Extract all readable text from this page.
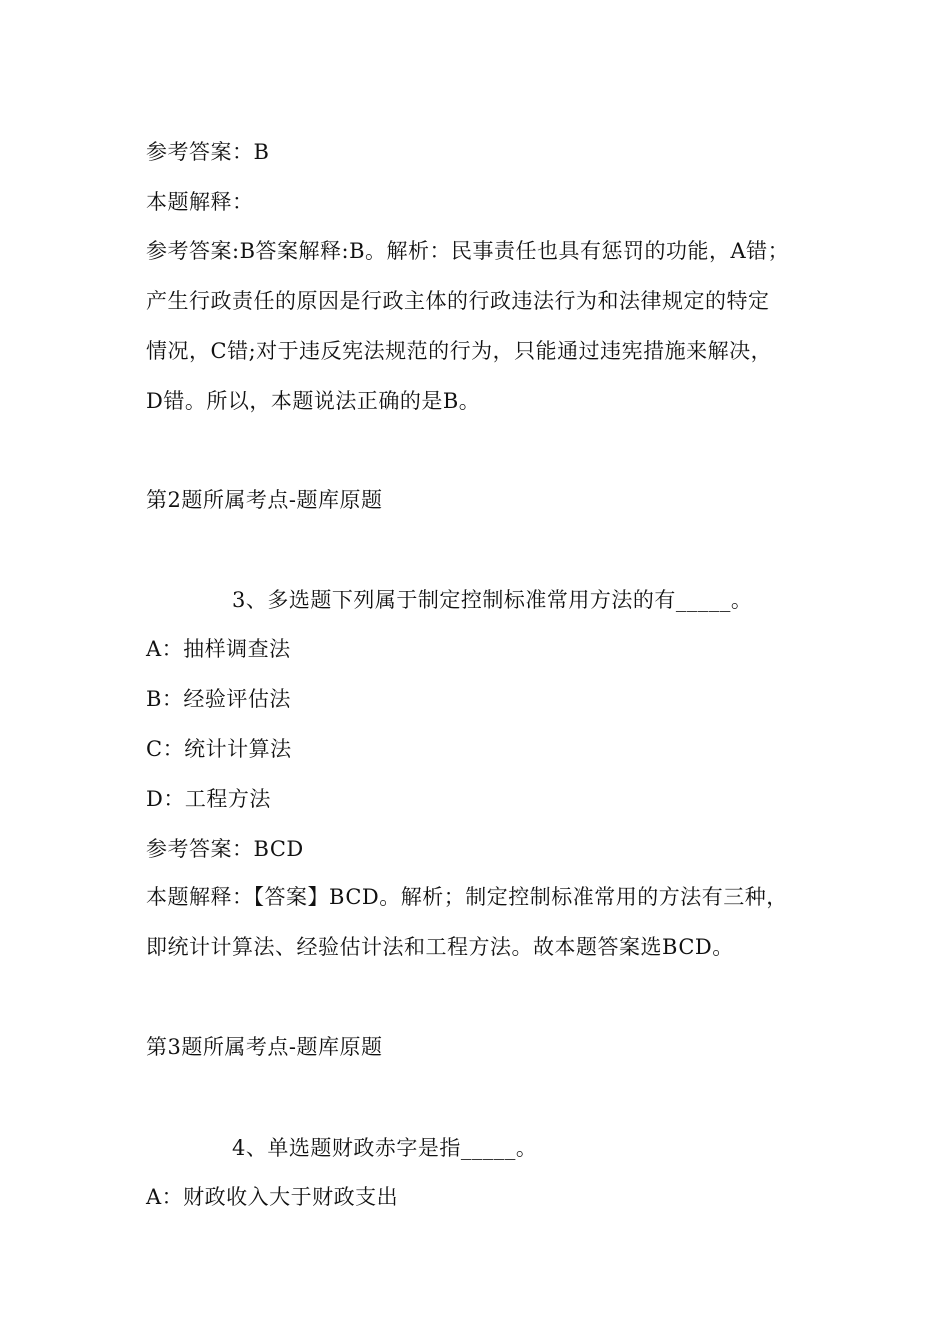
参考答案：B
本题解释：
参考答案:B答案解释:B。解析：民事责任也具有惩罚的功能，A错；
产生行政责任的原因是行政主体的行政违法行为和法律规定的特定
情况，C错;对于违反宪法规范的行为，只能通过违宪措施来解决，
D错。所以，本题说法正确的是B。
第2题所属考点-题库原题
3、多选题下列属于制定控制标准常用方法的有_____。
A：抽样调查法
B：经验评估法
C：统计计算法
D：工程方法
参考答案：BCD
本题解释：【答案】BCD。解析；制定控制标准常用的方法有三种，
即统计计算法、经验估计法和工程方法。故本题答案选BCD。
第3题所属考点-题库原题
4、单选题财政赤字是指_____。
A：财政收入大于财政支出
